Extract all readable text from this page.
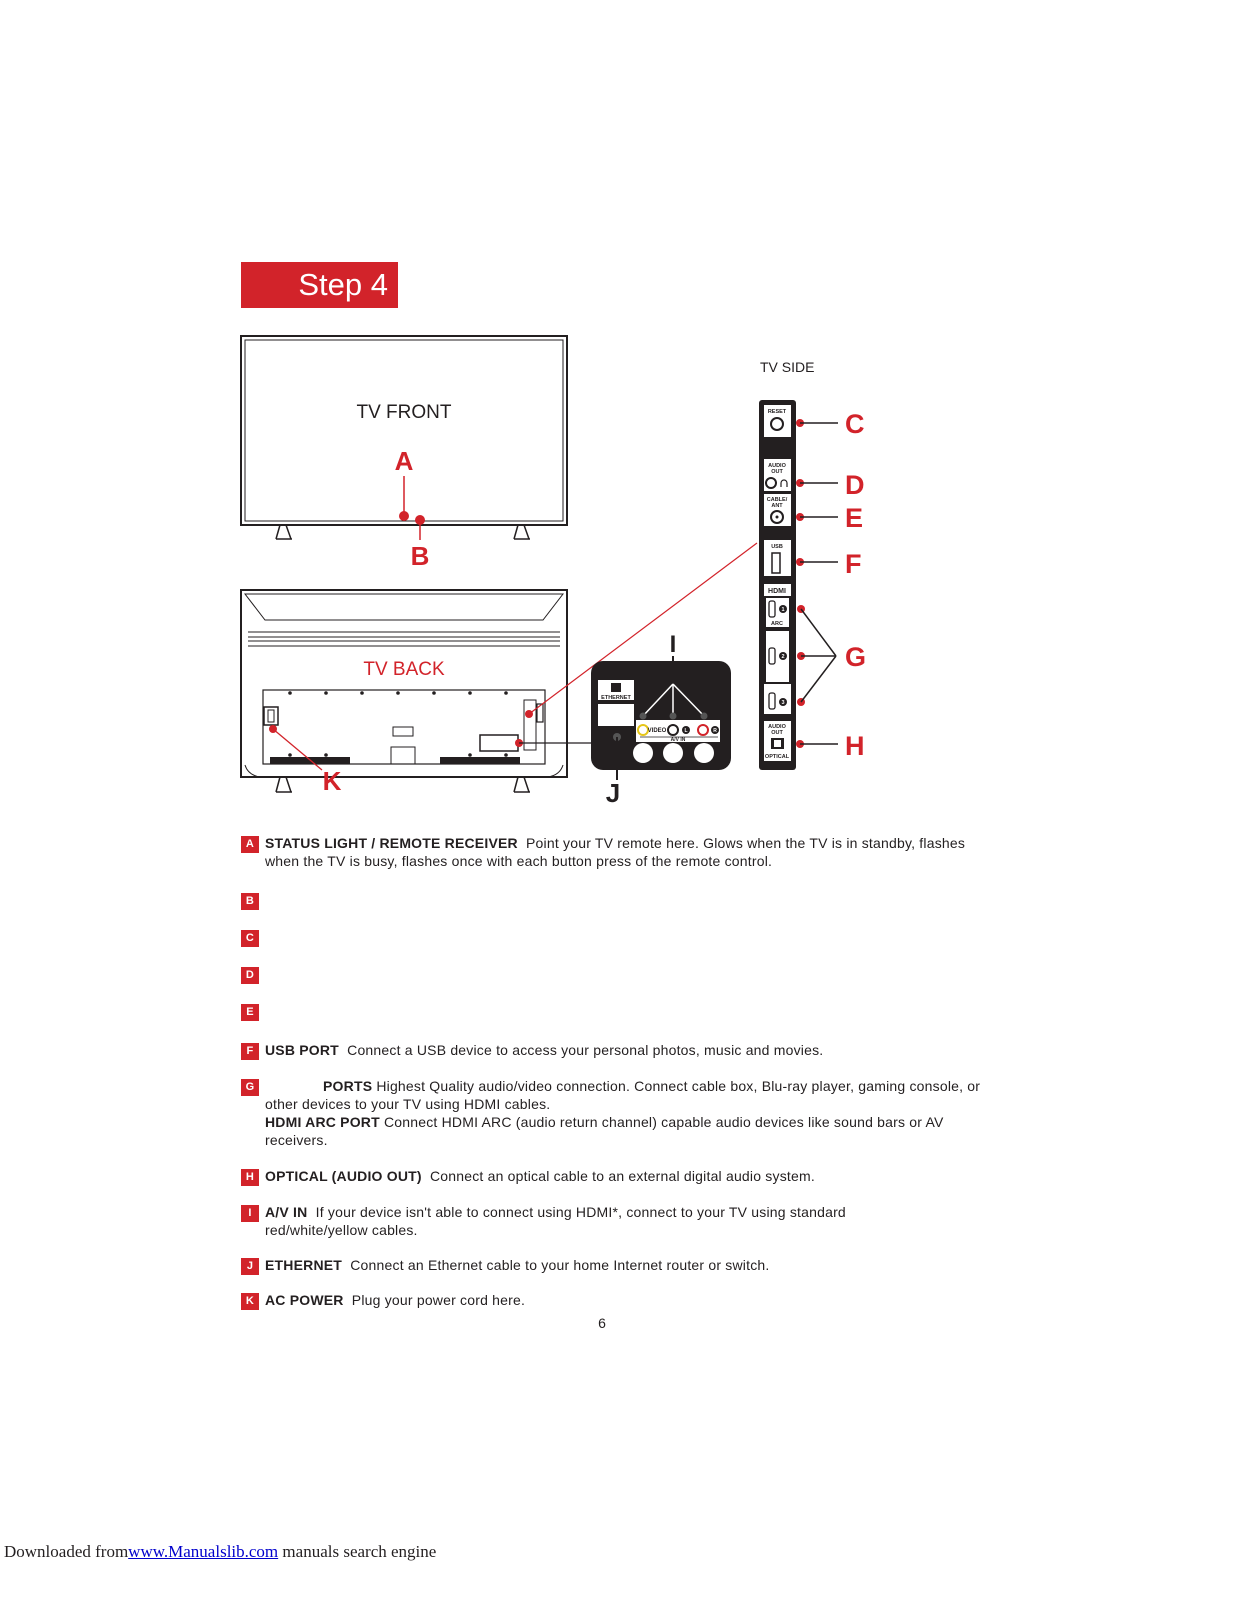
Step 4
TV FRONT
A
B
TV BACK
K
ETHERNET
VIDEO	L	R
A/V IN
I
J
TV SIDE
RESET
AUDIO
OUT
CABLE/
ANT
USB
HDMI
1
ARC
2
3
AUDIO
OUT
OPTICAL
C
D
E
F
G
H
A STATUS LIGHT / REMOTE RECEIVER Point your TV remote here. Glows when the TV is in standby, flashes when the TV is busy, flashes once with each button press of the remote control.
B
C
D
E
F USB PORT Connect a USB device to access your personal photos, music and movies.
G	PORTS Highest Quality audio/video connection. Connect cable box, Blu-ray player, gaming console, or other devices to your TV using HDMI cables.
HDMI ARC PORT Connect HDMI ARC (audio return channel) capable audio devices like sound bars or AV receivers.
H OPTICAL (AUDIO OUT) Connect an optical cable to an external digital audio system.
I A/V IN If your device isn't able to connect using HDMI*, connect to your TV using standard red/white/yellow cables.
J ETHERNET Connect an Ethernet cable to your home Internet router or switch.
K AC POWER Plug your power cord here.
6
Downloaded fromwww.Manualslib.com manuals search engine
